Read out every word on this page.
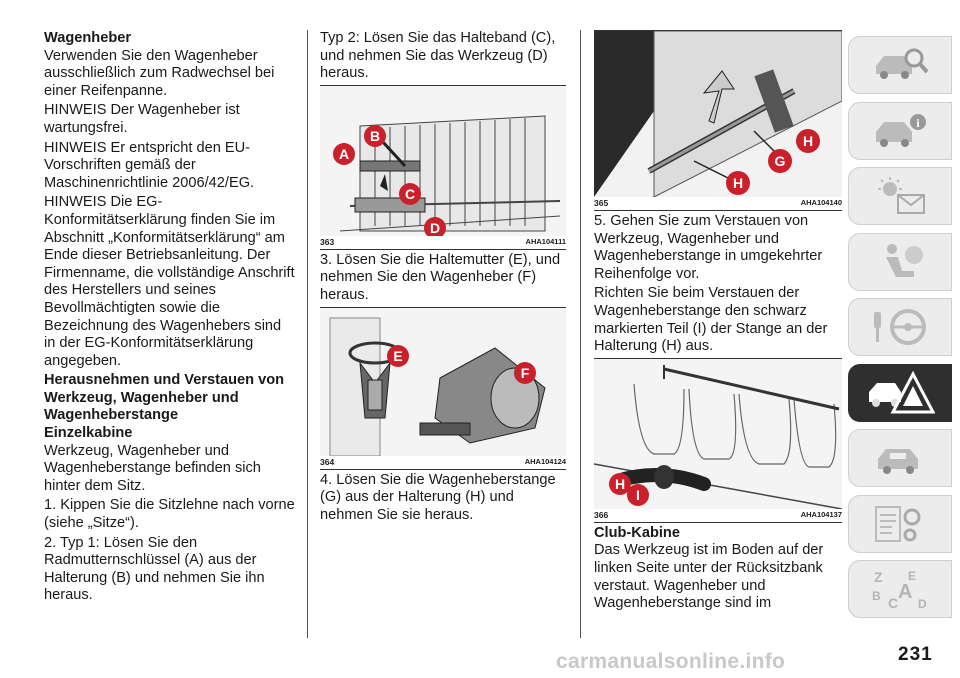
Wagenheber

Verwenden Sie den Wagenheber ausschließlich zum Radwechsel bei einer Reifenpanne.

HINWEIS Der Wagenheber ist wartungsfrei.

HINWEIS Er entspricht den EU-Vorschriften gemäß der Maschinenrichtlinie 2006/42/EG.

HINWEIS Die EG-Konformitätserklärung finden Sie im Abschnitt „Konformitätserklärung“ am Ende dieser Betriebsanleitung. Der Firmenname, die vollständige Anschrift des Herstellers und seines Bevollmächtigten sowie die Bezeichnung des Wagenhebers sind in der EG-Konformitätserklärung angegeben.

Herausnehmen und Verstauen von Werkzeug, Wagenheber und Wagenheberstange
Einzelkabine

Werkzeug, Wagenheber und Wagenheberstange befinden sich hinter dem Sitz.

1. Kippen Sie die Sitzlehne nach vorne (siehe „Sitze“).

2. Typ 1: Lösen Sie den Radmutternschlüssel (A) aus der Halterung (B) und nehmen Sie ihn heraus.

Typ 2: Lösen Sie das Halteband (C), und nehmen Sie das Werkzeug (D) heraus.

A
B
C
D
363	AHA104111

3. Lösen Sie die Haltemutter (E), und nehmen Sie den Wagenheber (F) heraus.

E
F
364	AHA104124

4. Lösen Sie die Wagenheberstange (G) aus der Halterung (H) und nehmen Sie sie heraus.

H
G
H
365	AHA104140

5. Gehen Sie zum Verstauen von Werkzeug, Wagenheber und Wagenheberstange in umgekehrter Reihenfolge vor.

Richten Sie beim Verstauen der Wagenheberstange den schwarz markierten Teil (I) der Stange an der Halterung (H) aus.

H
I
366	AHA104137
Club-Kabine

Das Werkzeug ist im Boden auf der linken Seite unter der Rücksitzbank verstaut. Wagenheber und Wagenheberstange sind im

i
Z E
B C A
D
carmanualsonline.info	231
